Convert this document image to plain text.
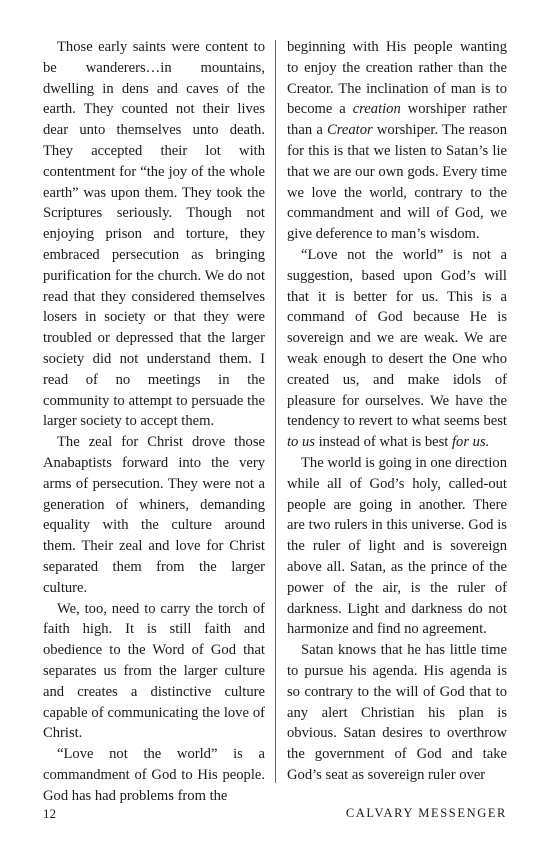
Those early saints were content to be wanderers…in mountains, dwelling in dens and caves of the earth. They counted not their lives dear unto themselves unto death. They accepted their lot with contentment for “the joy of the whole earth” was upon them. They took the Scriptures seriously. Though not enjoying prison and torture, they embraced persecution as bringing purification for the church. We do not read that they considered themselves losers in society or that they were troubled or depressed that the larger society did not understand them. I read of no meetings in the community to attempt to persuade the larger society to accept them.

The zeal for Christ drove those Anabaptists forward into the very arms of persecution. They were not a generation of whiners, demanding equality with the culture around them. Their zeal and love for Christ separated them from the larger culture.

We, too, need to carry the torch of faith high. It is still faith and obedience to the Word of God that separates us from the larger culture and creates a distinctive culture capable of communicating the love of Christ.

“Love not the world” is a commandment of God to His people. God has had problems from the

beginning with His people wanting to enjoy the creation rather than the Creator. The inclination of man is to become a creation worshiper rather than a Creator worshiper. The reason for this is that we listen to Satan’s lie that we are our own gods. Every time we love the world, contrary to the commandment and will of God, we give deference to man’s wisdom.

“Love not the world” is not a suggestion, based upon God’s will that it is better for us. This is a command of God because He is sovereign and we are weak. We are weak enough to desert the One who created us, and make idols of pleasure for ourselves. We have the tendency to revert to what seems best to us instead of what is best for us.

The world is going in one direction while all of God’s holy, called-out people are going in another. There are two rulers in this universe. God is the ruler of light and is sovereign above all. Satan, as the prince of the power of the air, is the ruler of darkness. Light and darkness do not harmonize and find no agreement.

Satan knows that he has little time to pursue his agenda. His agenda is so contrary to the will of God that to any alert Christian his plan is obvious. Satan desires to overthrow the government of God and take God’s seat as sovereign ruler over

12	CALVARY MESSENGER
